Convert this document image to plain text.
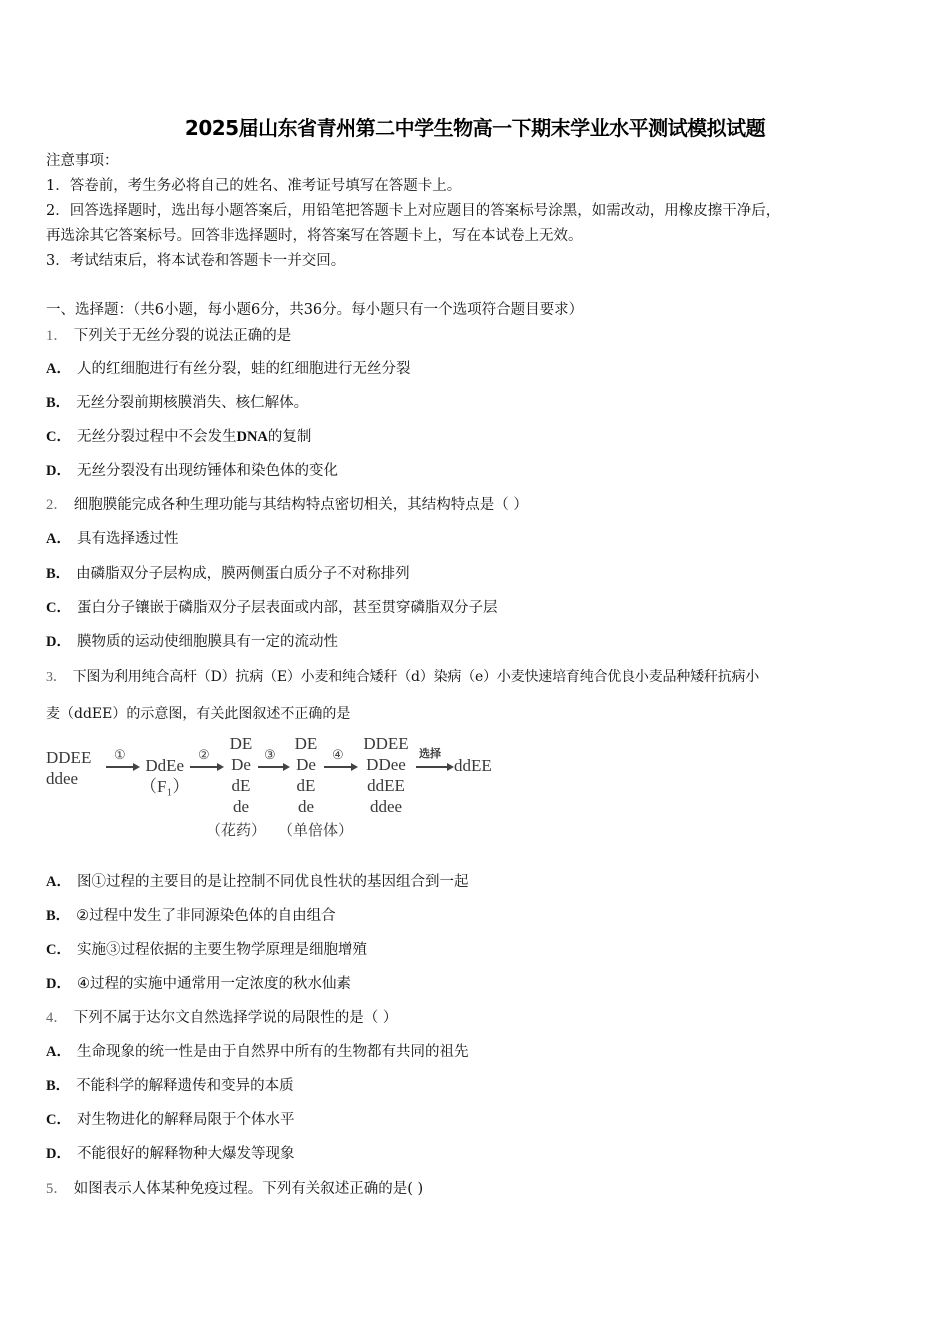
2025届山东省青州第二中学生物高一下期末学业水平测试模拟试题
注意事项：
1．答卷前，考生务必将自己的姓名、准考证号填写在答题卡上。
2．回答选择题时，选出每小题答案后，用铅笔把答题卡上对应题目的答案标号涂黑，如需改动，用橡皮擦干净后，
再选涂其它答案标号。回答非选择题时，将答案写在答题卡上，写在本试卷上无效。
3．考试结束后，将本试卷和答题卡一并交回。
一、选择题：（共6小题，每小题6分，共36分。每小题只有一个选项符合题目要求）
1． 下列关于无丝分裂的说法正确的是
A． 人的红细胞进行有丝分裂，蛙的红细胞进行无丝分裂
B． 无丝分裂前期核膜消失、核仁解体。
C． 无丝分裂过程中不会发生DNA的复制
D． 无丝分裂没有出现纺锤体和染色体的变化
2． 细胞膜能完成各种生理功能与其结构特点密切相关，其结构特点是（ ）
A． 具有选择透过性
B． 由磷脂双分子层构成，膜两侧蛋白质分子不对称排列
C． 蛋白分子镶嵌于磷脂双分子层表面或内部，甚至贯穿磷脂双分子层
D． 膜物质的运动使细胞膜具有一定的流动性
3． 下图为利用纯合高杆（D）抗病（E）小麦和纯合矮秆（d）染病（e）小麦快速培育纯合优良小麦品种矮秆抗病小
麦（ddEE）的示意图，有关此图叙述不正确的是
DDEE
ddee
①
DdEe
（F₁）
②
DE
De
dE
de
（花药）
③
DE
De
dE
de
（单倍体）
④
DDEE
DDee
ddEE
ddee
选择
ddEE
A． 图①过程的主要目的是让控制不同优良性状的基因组合到一起
B． ②过程中发生了非同源染色体的自由组合
C． 实施③过程依据的主要生物学原理是细胞增殖
D． ④过程的实施中通常用一定浓度的秋水仙素
4． 下列不属于达尔文自然选择学说的局限性的是（ ）
A． 生命现象的统一性是由于自然界中所有的生物都有共同的祖先
B． 不能科学的解释遗传和变异的本质
C． 对生物进化的解释局限于个体水平
D． 不能很好的解释物种大爆发等现象
5． 如图表示人体某种免疫过程。下列有关叙述正确的是( )
